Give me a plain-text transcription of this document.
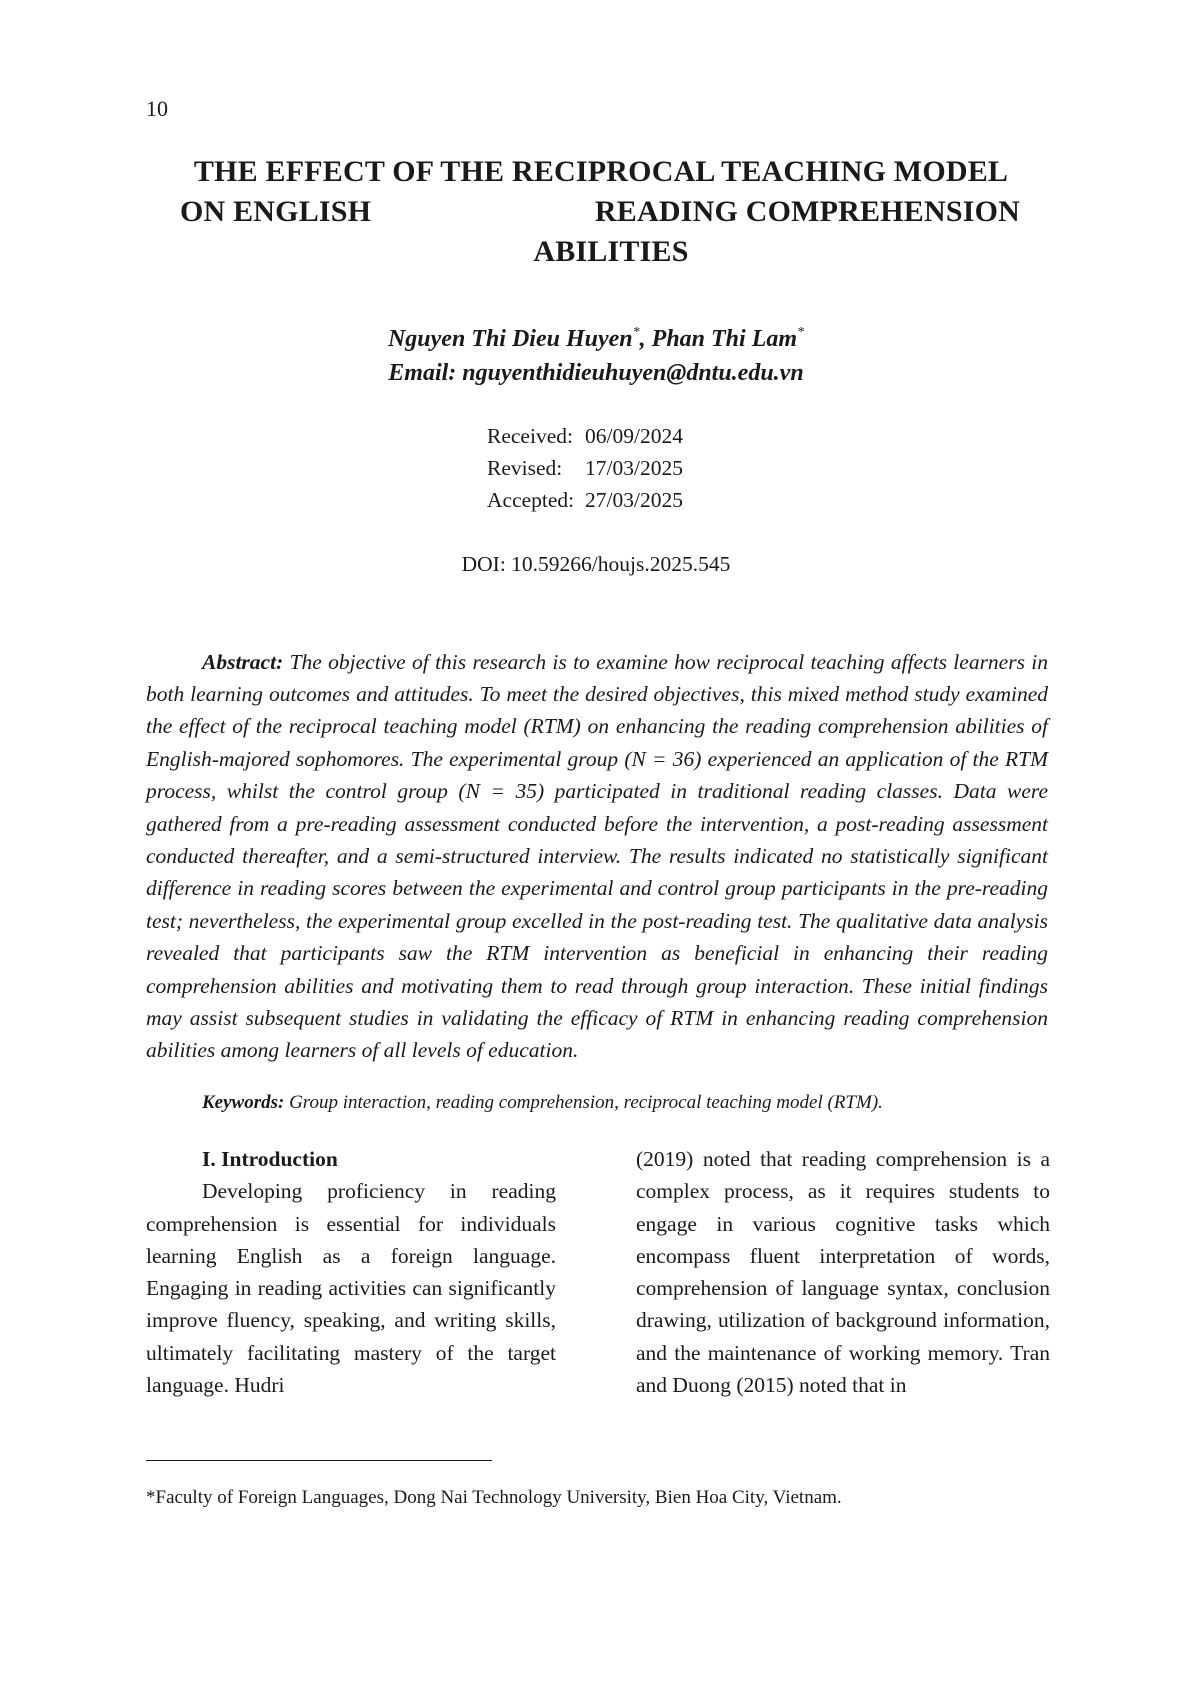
10
THE EFFECT OF THE RECIPROCAL TEACHING MODEL
ON ENGLISH	READING COMPREHENSION
ABILITIES
Nguyen Thi Dieu Huyen*, Phan Thi Lam*
Email: nguyenthidieuhuyen@dntu.edu.vn
Received: 06/09/2024
Revised: 17/03/2025
Accepted: 27/03/2025
DOI: 10.59266/houjs.2025.545

Abstract: The objective of this research is to examine how reciprocal teaching affects learners in both learning outcomes and attitudes. To meet the desired objectives, this mixed method study examined the effect of the reciprocal teaching model (RTM) on enhancing the reading comprehension abilities of English-majored sophomores. The experimental group (N = 36) experienced an application of the RTM process, whilst the control group (N = 35) participated in traditional reading classes. Data were gathered from a pre-reading assessment conducted before the intervention, a post-reading assessment conducted thereafter, and a semi-structured interview. The results indicated no statistically significant difference in reading scores between the experimental and control group participants in the pre-reading test; nevertheless, the experimental group excelled in the post-reading test. The qualitative data analysis revealed that participants saw the RTM intervention as beneficial in enhancing their reading comprehension abilities and motivating them to read through group interaction. These initial findings may assist subsequent studies in validating the efficacy of RTM in enhancing reading comprehension abilities among learners of all levels of education.

Keywords: Group interaction, reading comprehension, reciprocal teaching model (RTM).

I. Introduction

Developing proficiency in reading comprehension is essential for individuals learning English as a foreign language. Engaging in reading activities can significantly improve fluency, speaking, and writing skills, ultimately facilitating mastery of the target language. Hudri

(2019) noted that reading comprehension is a complex process, as it requires students to engage in various cognitive tasks which encompass fluent interpretation of words, comprehension of language syntax, conclusion drawing, utilization of background information, and the maintenance of working memory. Tran and Duong (2015) noted that in

*Faculty of Foreign Languages, Dong Nai Technology University, Bien Hoa City, Vietnam.
